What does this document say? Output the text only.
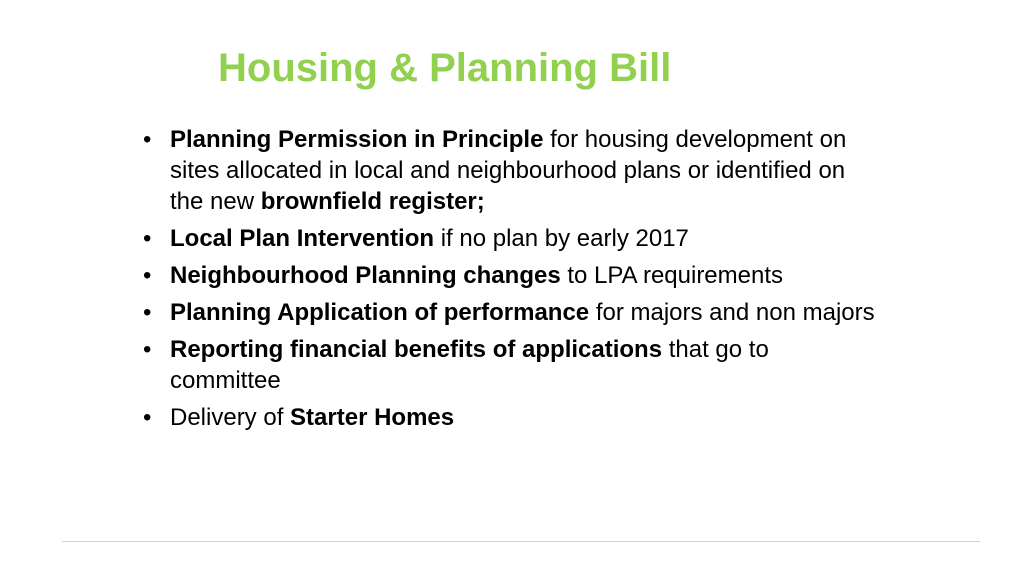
Housing & Planning Bill
• Planning Permission in Principle for housing development on sites allocated in local and neighbourhood plans or identified on the new brownfield register;
• Local Plan Intervention if no plan by early 2017
• Neighbourhood Planning changes to LPA requirements
• Planning Application of performance for majors and non majors
• Reporting financial benefits of applications that go to committee
• Delivery of Starter Homes
